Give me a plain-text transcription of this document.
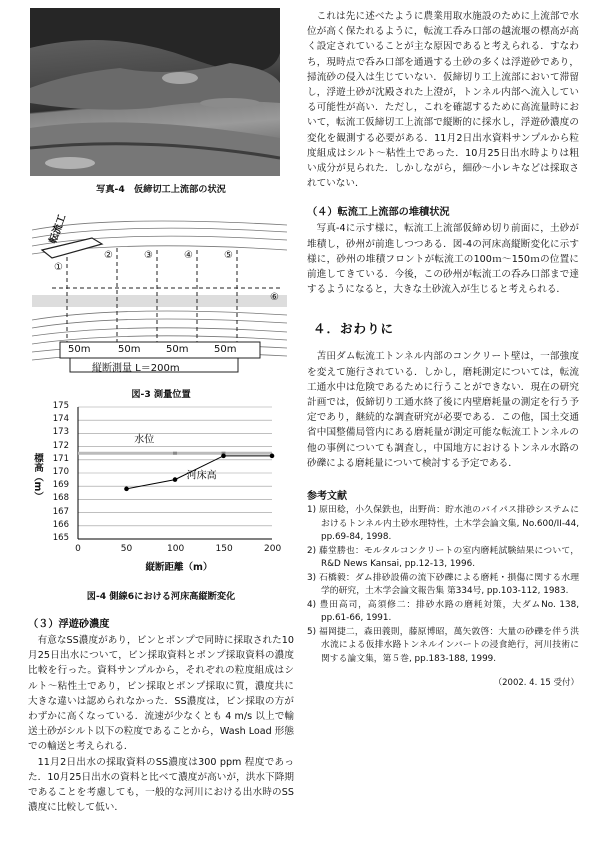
写真-4　仮締切工上流部の状況
転流工
①
②	③	④	⑤
⑥
50m	50m	50m	50m
縦断測量 L＝200m
図-3 測量位置
標高（m）
165
166
167
168
169
170
171
172
173
174
175
水位
河床高
0	50	100	150	200
縦断距離（m）
図-4 側線6における河床高縦断変化
（３）浮遊砂濃度

有意なSS濃度があり，ビンとポンプで同時に採取された10月25日出水について，ビン採取資料とポンプ採取資料の濃度比較を行った。資料サンプルから，それぞれの粒度組成はシルト～粘性土であり，ビン採取とポンプ採取に質，濃度共に大きな違いは認められなかった．SS濃度は，ビン採取の方がわずかに高くなっている．流速が少なくとも 4 m/s 以上で輸送土砂がシルト以下の粒度であることから，Wash Load 形態での輸送と考えられる．

11月2日出水の採取資料のSS濃度は300 ppm 程度であった．10月25日出水の資料と比べて濃度が高いが，洪水下降期であることを考慮しても，一般的な河川における出水時のSS濃度に比較して低い．

これは先に述べたように農業用取水施設のために上流部で水位が高く保たれるように，転流工呑み口部の越流堰の標高が高く設定されていることが主な原因であると考えられる．すなわち，現時点で呑み口部を通過する土砂の多くは浮遊砂であり，掃流砂の侵入は生じていない．仮締切り工上流部において滞留し，浮遊土砂が沈殿された上澄が，トンネル内部へ流入している可能性が高い．ただし，これを確認するために高流量時において，転流工仮締切工上流部で縦断的に採水し，浮遊砂濃度の変化を観測する必要がある．11月2日出水資料サンプルから粒度組成はシルト～粘性土であった．10月25日出水時よりは粗い成分が見られた．しかしながら，細砂～小レキなどは採取されていない．

（４）転流工上流部の堆積状況

写真-4に示す様に，転流工上流部仮締め切り前面に，土砂が堆積し，砂州が前進しつつある．図-4の河床高縦断変化に示す様に，砂州の堆積フロントが転流工の100ｍ～150ｍの位置に前進してきている．今後，この砂州が転流工の呑み口部まで達するようになると，大きな土砂流入が生じると考えられる．

４．おわりに

苫田ダム転流工トンネル内部のコンクリート壁は，一部強度を変えて施行されている．しかし，磨耗測定については，転流工通水中は危険であるために行うことができない．現在の研究計画では，仮締切り工通水終了後に内壁磨耗量の測定を行う予定であり，継続的な調査研究が必要である．この他，国土交通省中国整備局管内にある磨耗量が測定可能な転流工トンネルの他の事例についても調査し，中国地方におけるトンネル水路の砂礫による磨耗量について検討する予定である．

参考文献

1) 原田稔，小久保鉄也，出野尚：貯水池のバイパス排砂システムにおけるトンネル内土砂水理特性，土木学会論文集, No.600/II-44, pp.69-84, 1998.

2) 藤堂勝也：モルタルコンクリートの室内磨耗試験結果について，R&D News Kansai, pp.12-13, 1996.

3) 石橋毅：ダム排砂設備の流下砂礫による磨耗・損傷に関する水理学的研究，土木学会論文報告集 第334号, pp.103-112, 1983.

4) 豊田高司，高須修二：排砂水路の磨耗対策，大ダムNo. 138, pp.61-66, 1991.

5) 福岡捷二，森田義則，藤原博昭，萬矢敦啓：大量の砂礫を伴う洪水流による仮排水路トンネルインバートの浸食絶行，河川技術に関する論文集，第５巻, pp.183-188, 1999.

（2002. 4. 15 受付）
